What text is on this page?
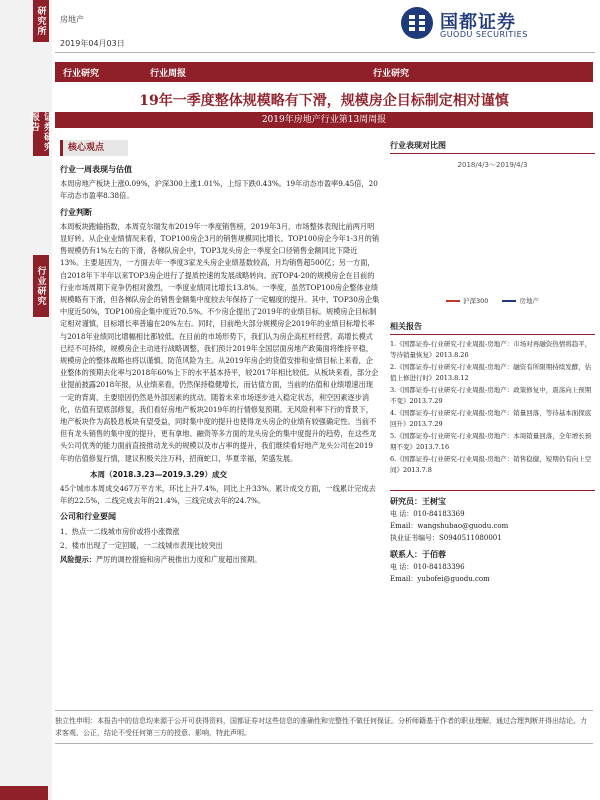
研究所
证券研究报告
行业研究
房地产
2019年04月03日
国都证券
GUODU SECURITIES
行业研究	行业周报	行业研究
19年一季度整体规模略有下滑，规模房企目标制定相对谨慎
2019年房地产行业第13周周报
核心观点
行业一周表现与估值

本周房地产板块上涨0.09%，沪深300上涨1.01%，上综下跌0.43%。19年动态市盈率9.45倍，20年动态市盈率8.38倍。

行业判断

本周板块跑输指数，本周克尔瑞发布2019年一季度销售榜，2019年3月，市场整体表现比前两月明显好转。从企业业绩情况来看，TOP100房企3月的销售规模同比增长。TOP100房企今年1-3月的销售规模仍有1%左右的下滑，各梯队房企中，TOP3龙头房企一季度全口径销售金额同比下降近13%。主要是因为，一方面去年一季度3家龙头房企业绩基数较高，月均销售超500亿；另一方面，自2018年下半年以来TOP3房企进行了提质控速的发展战略转向。而TOP4-20的规模房企在目前的行业市场周期下竞争仍相对激烈，一季度业绩同比增长13.8%。一季度，虽然TOP100房企整体业绩规模略有下滑，但各梯队房企的销售金额集中度较去年保持了一定幅度的提升。其中，TOP30房企集中度近50%，TOP100房企集中度近70.5%。不少房企提出了2019年的业绩目标。规模房企目标制定相对谨慎，目标增长率普遍在20%左右。同时，目前绝大部分规模房企2019年的业绩目标增长率与2018年业绩同比增幅相比都较低。在目前的市场形势下，我们认为房企高杠杆经营、高增长模式已经不可持续，规模房企主动进行战略调整。我们预计2019年全国层面房地产政策面将维持平稳，规模房企的整体战略也将以谨慎、防范风险为主。从2019年房企的货值安排和业绩目标上来看，企业整体的预期去化率与2018年60%上下的水平基本持平，较2017年相比较低。从板块来看，部分企业提前披露2018年报，从业绩来看，仍然保持稳健增长，而估值方面，当前的估值和业绩增速出现一定的背离，主要原因仍然是外部因素的扰动。随着未来市场逐步进入稳定状态，利空因素逐步消化，估值有望底部修复，我们看好房地产板块2019年的行情修复预期。无风险利率下行的背景下，地产板块作为高股息板块有望受益，同时集中度的提升也使得龙头房企的业绩有较强确定性。当前不但有龙头销售的集中度的提升，更有拿地、融资等多方面的龙头房企的集中度提升的趋势，在这些龙头公司优秀的能力面前直接推动龙头的规模以及市占率的提升，我们继续看好地产龙头公司在2019年的估值修复行情，建议积极关注万科，招商蛇口，华夏幸福，荣盛发展。

本周（2018.3.23—2019.3.29）成交

45个城市本周成交467万平方米，环比上升7.4%，同比上升33%。累计成交方面，一线累计完成去年的22.5%，二线完成去年的21.4%，三线完成去年的24.7%。

公司和行业要闻

1、热点一二线城市房价或将小涨微涨

2、楼市出现了一定回暖，一二线城市表现比较突出

风险提示：严厉的调控措施和房产税推出力度和广度超出预期。

行业表现对比图
2018/4/3～2019/4/3
沪深300	房地产
相关报告
1.《国都证券-行业研究-行业周报-房地产：市场对再融资热情将趋平，等待销量恢复》2013.8.26
2.《国都证券-行业研究-行业周报-房地产：融资有所限期持续发酵，估值上修进行时》2013.8.12
3.《国都证券-行业研究-行业周报-房地产：政策修复中，震荡向上预期不变》2013.7.29
4.《国都证券-行业研究-行业周报-房地产：销量回落，等待基本面探底回升》2013.7.29
5.《国都证券-行业研究-行业周报-房地产：本周销量回落，全年增长预期不变》2013.7.16
6.《国都证券-行业研究-行业周报-房地产：销售稳健，短期仍有向上空间》2013.7.8
研究员：王树宝
电 话：010-84183369
Email：wangshubao@guodu.com
执业证书编号：S0940511080001
联系人：于佰蓉
电 话：010-84183396
Email：yubofei@guodu.com
独立性申明：本报告中的信息均来源于公开可获得资料，国都证券对这些信息的准确性和完整性不做任何保证。分析师籍基于作者的职业理解，通过合理判断并得出结论，力求客观、公正，结论不受任何第三方的授意、影响，特此声明。
